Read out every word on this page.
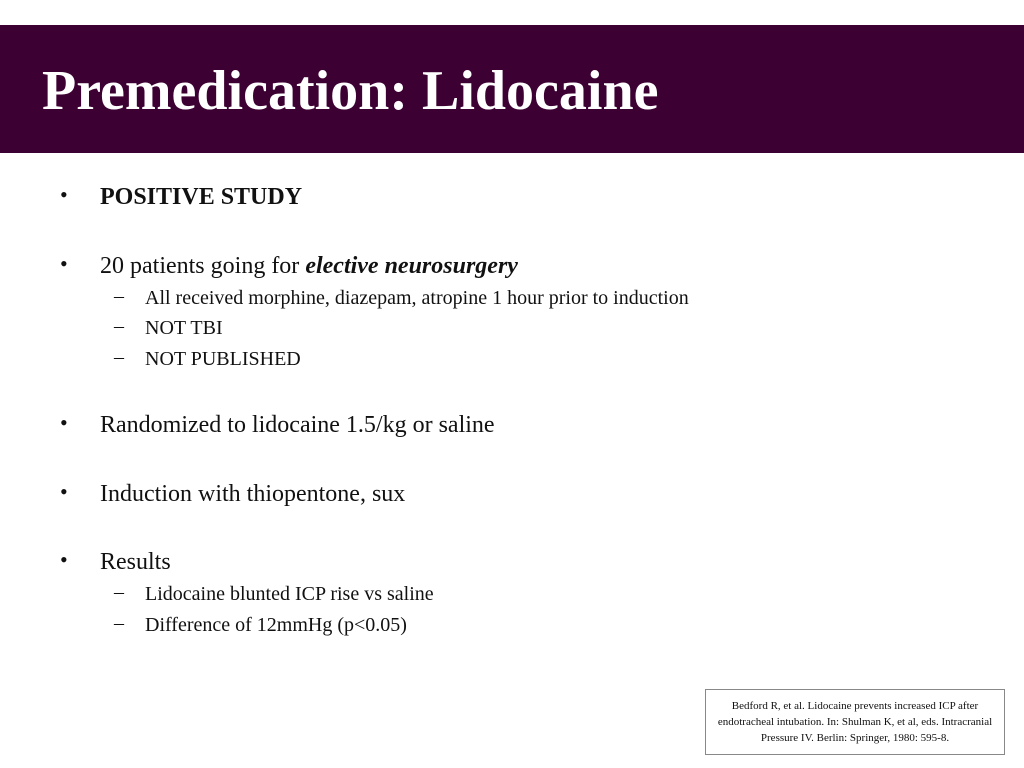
Premedication: Lidocaine
• POSITIVE STUDY
• 20 patients going for elective neurosurgery
– All received morphine, diazepam, atropine 1 hour prior to induction
– NOT TBI
– NOT PUBLISHED
• Randomized to lidocaine 1.5/kg or saline
• Induction with thiopentone, sux
• Results
– Lidocaine blunted ICP rise vs saline
– Difference of 12mmHg (p<0.05)
Bedford R, et al. Lidocaine prevents increased ICP after endotracheal intubation. In: Shulman K, et al, eds. Intracranial Pressure IV. Berlin: Springer, 1980: 595-8.
